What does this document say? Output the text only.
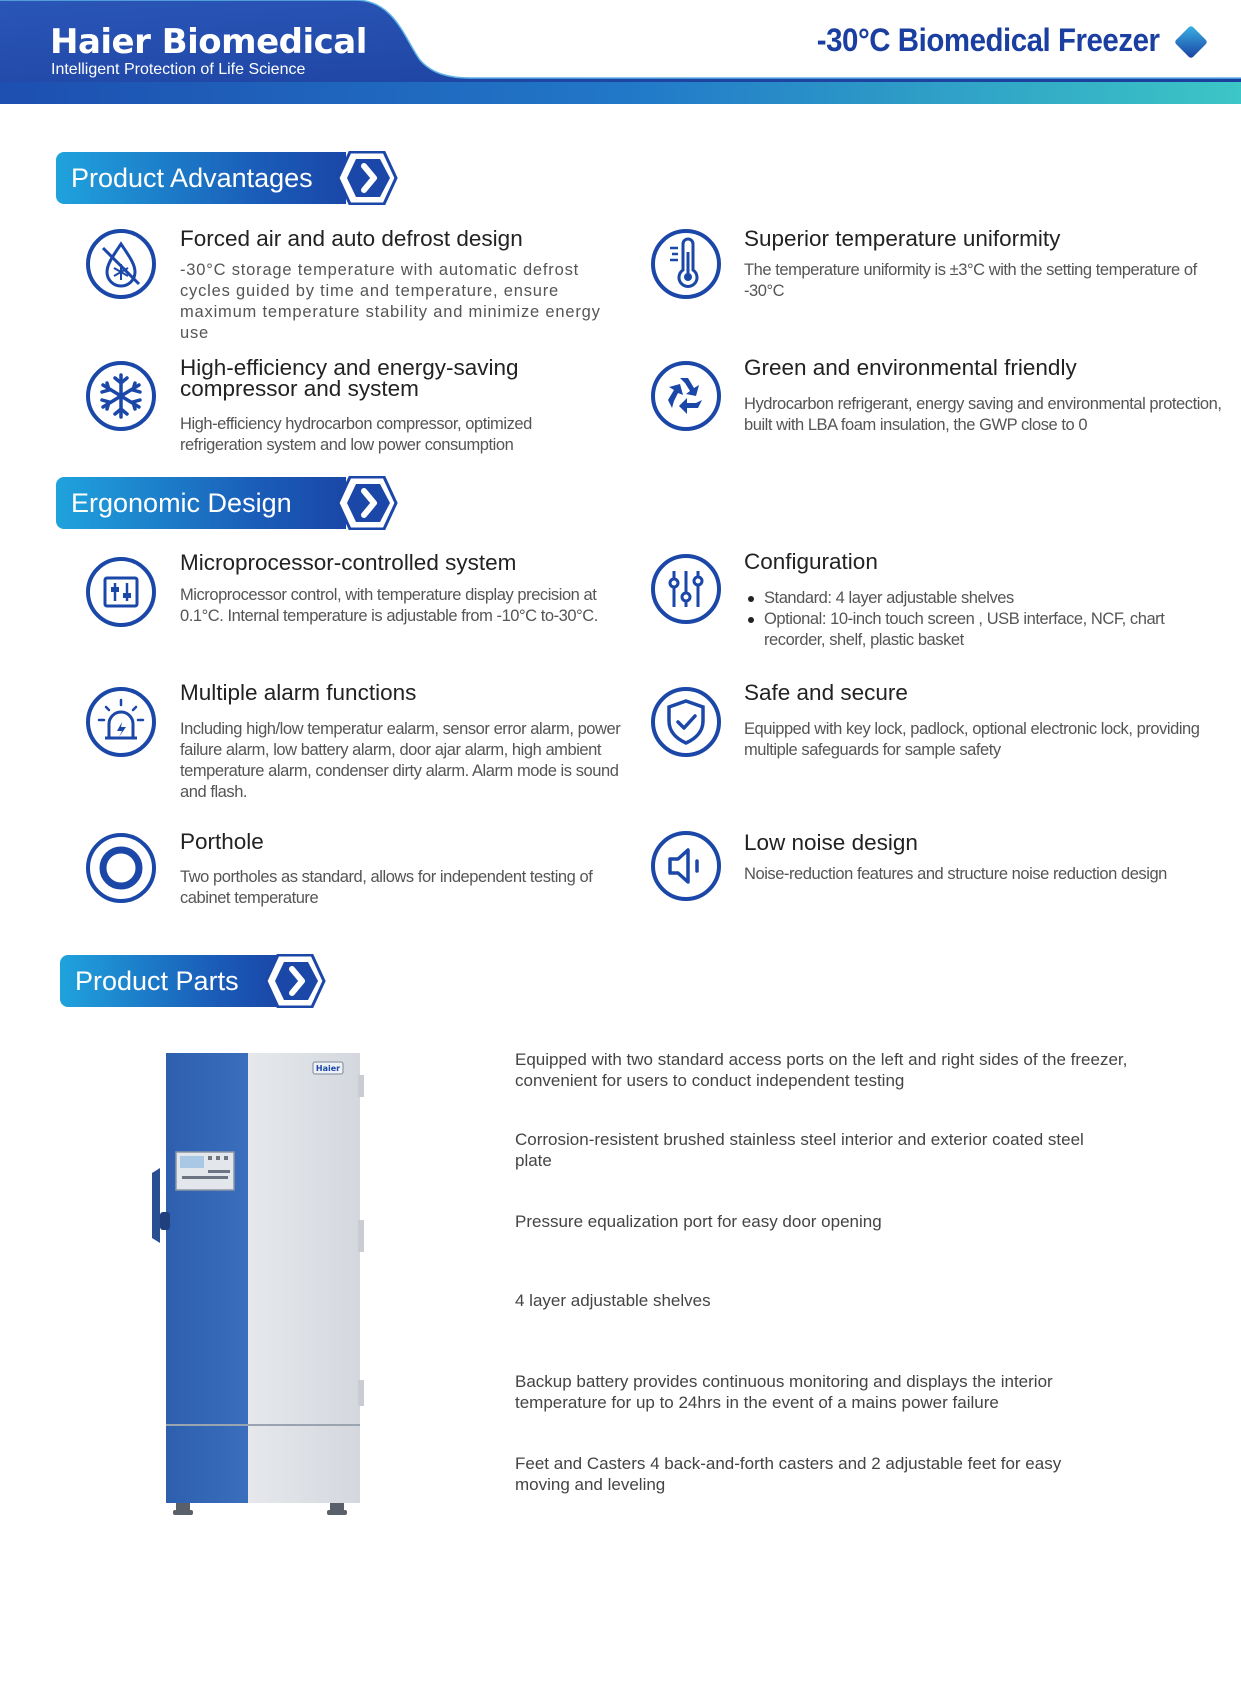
Haier Biomedical
Intelligent Protection of Life Science
-30°C Biomedical Freezer
Product Advantages
Forced air and auto defrost design
-30°C storage temperature with automatic defrost cycles guided by time and temperature, ensure maximum temperature stability and minimize energy use
Superior temperature uniformity
The temperature uniformity is ±3°C with the setting temperature of -30°C
High-efficiency and energy-saving compressor and system
High-efficiency hydrocarbon compressor, optimized refrigeration system and low power consumption
Green and environmental friendly
Hydrocarbon refrigerant, energy saving and environmental protection, built with LBA foam insulation, the GWP close to 0
Ergonomic Design
Microprocessor-controlled system
Microprocessor control, with temperature display precision at 0.1°C. Internal temperature is adjustable from -10°C to-30°C.
Configuration
Standard: 4 layer adjustable shelves
Optional: 10-inch touch screen , USB interface, NCF, chart recorder, shelf, plastic basket
Multiple alarm functions
Including high/low temperatur ealarm, sensor error alarm, power failure alarm, low battery alarm, door ajar alarm, high ambient temperature alarm, condenser dirty alarm. Alarm mode is sound and flash.
Safe and secure
Equipped with key lock, padlock, optional electronic lock, providing multiple safeguards for sample safety
Porthole
Two portholes as standard, allows for independent testing of cabinet temperature
Low noise design
Noise-reduction features and structure noise reduction design
Product Parts
Haier	Equipped with two standard access ports on the left and right sides of the freezer, convenient for users to conduct independent testing
Corrosion-resistent brushed stainless steel interior and exterior coated steel plate
Pressure equalization port for easy door opening
4 layer adjustable shelves
Backup battery provides continuous monitoring and displays the interior temperature for up to 24hrs in the event of a mains power failure
Feet and Casters 4 back-and-forth casters and 2 adjustable feet for easy moving and leveling
